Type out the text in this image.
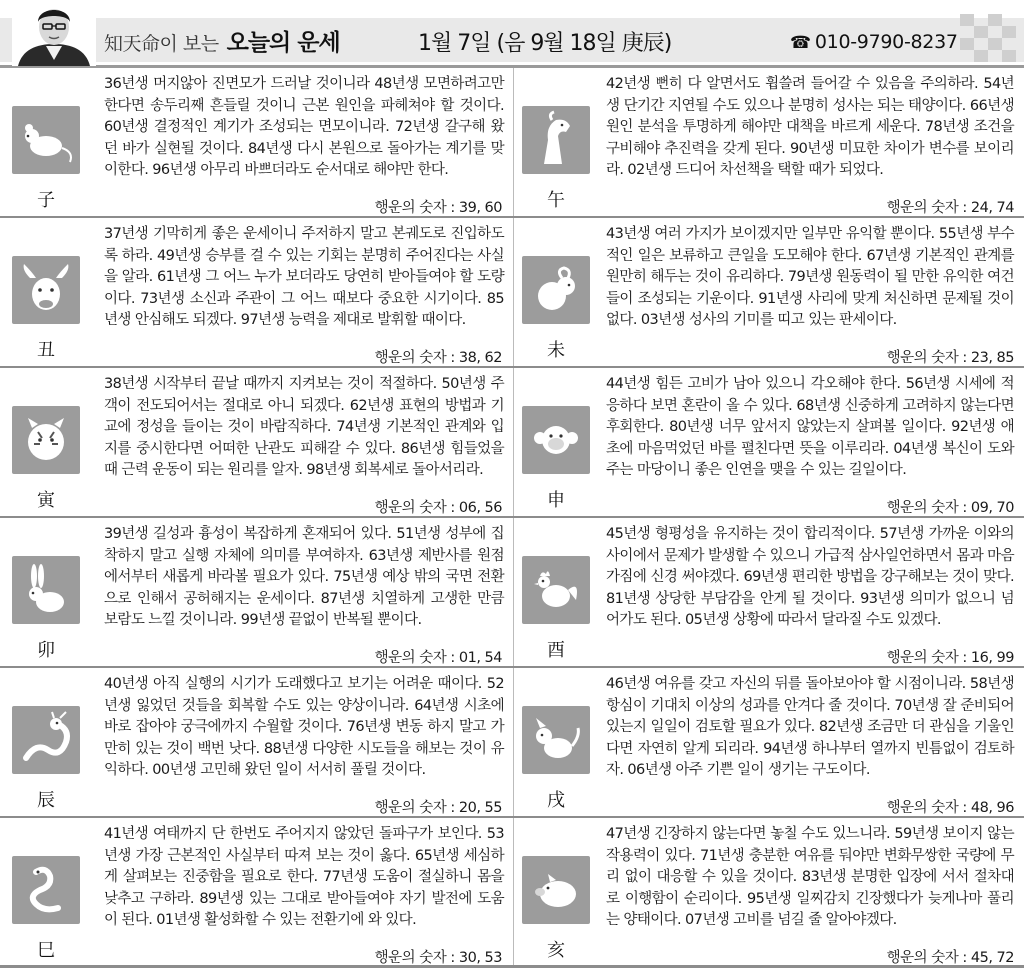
知天命이 보는 오늘의 운세	1월 7일 (음 9월 18일 庚辰)	☎ 010-9790-8237
子
36년생 머지않아 진면모가 드러날 것이니라 48년생 모면하려고만 한다면 송두리째 흔들릴 것이니 근본 원인을 파헤쳐야 할 것이다. 60년생 결정적인 계기가 조성되는 면모이니라. 72년생 갈구해 왔던 바가 실현될 것이다. 84년생 다시 본원으로 돌아가는 계기를 맞이한다. 96년생 아무리 바쁘더라도 순서대로 해야만 한다.
행운의 숫자 : 39, 60
丑
37년생 기막히게 좋은 운세이니 주저하지 말고 본궤도로 진입하도록 하라. 49년생 승부를 걸 수 있는 기회는 분명히 주어진다는 사실을 알라. 61년생 그 어느 누가 보더라도 당연히 받아들여야 할 도량이다. 73년생 소신과 주관이 그 어느 때보다 중요한 시기이다. 85년생 안심해도 되겠다. 97년생 능력을 제대로 발휘할 때이다.
행운의 숫자 : 38, 62
寅
38년생 시작부터 끝날 때까지 지켜보는 것이 적절하다. 50년생 주객이 전도되어서는 절대로 아니 되겠다. 62년생 표현의 방법과 기교에 정성을 들이는 것이 바람직하다. 74년생 기본적인 관계와 입지를 중시한다면 어떠한 난관도 피해갈 수 있다. 86년생 힘들었을 때 근력 운동이 되는 원리를 알자. 98년생 회복세로 돌아서리라.
행운의 숫자 : 06, 56
卯
39년생 길성과 흉성이 복잡하게 혼재되어 있다. 51년생 성부에 집착하지 말고 실행 자체에 의미를 부여하자. 63년생 제반사를 원점에서부터 새롭게 바라볼 필요가 있다. 75년생 예상 밖의 국면 전환으로 인해서 공허해지는 운세이다. 87년생 치열하게 고생한 만큼 보람도 느낄 것이니라. 99년생 끝없이 반복될 뿐이다.
행운의 숫자 : 01, 54
辰
40년생 아직 실행의 시기가 도래했다고 보기는 어려운 때이다. 52년생 잃었던 것들을 회복할 수도 있는 양상이니라. 64년생 시초에 바로 잡아야 궁극에까지 수월할 것이다. 76년생 변동 하지 말고 가만히 있는 것이 백번 낫다. 88년생 다양한 시도들을 해보는 것이 유익하다. 00년생 고민해 왔던 일이 서서히 풀릴 것이다.
행운의 숫자 : 20, 55
巳
41년생 여태까지 단 한번도 주어지지 않았던 돌파구가 보인다. 53년생 가장 근본적인 사실부터 따져 보는 것이 옳다. 65년생 세심하게 살펴보는 진중함을 필요로 한다. 77년생 도움이 절실하니 몸을 낮추고 구하라. 89년생 있는 그대로 받아들여야 자기 발전에 도움이 된다. 01년생 활성화할 수 있는 전환기에 와 있다.
행운의 숫자 : 30, 53
午
42년생 뻔히 다 알면서도 휩쓸려 들어갈 수 있음을 주의하라. 54년생 단기간 지연될 수도 있으나 분명히 성사는 되는 태양이다. 66년생 원인 분석을 투명하게 해야만 대책을 바르게 세운다. 78년생 조건을 구비해야 추진력을 갖게 된다. 90년생 미묘한 차이가 변수를 보이리라. 02년생 드디어 차선책을 택할 때가 되었다.
행운의 숫자 : 24, 74
未
43년생 여러 가지가 보이겠지만 일부만 유익할 뿐이다. 55년생 부수적인 일은 보류하고 큰일을 도모해야 한다. 67년생 기본적인 관계를 원만히 해두는 것이 유리하다. 79년생 원동력이 될 만한 유익한 여건들이 조성되는 기운이다. 91년생 사리에 맞게 처신하면 문제될 것이 없다. 03년생 성사의 기미를 띠고 있는 판세이다.
행운의 숫자 : 23, 85
申
44년생 힘든 고비가 남아 있으니 각오해야 한다. 56년생 시세에 적응하다 보면 혼란이 올 수 있다. 68년생 신중하게 고려하지 않는다면 후회한다. 80년생 너무 앞서지 않았는지 살펴볼 일이다. 92년생 애초에 마음먹었던 바를 펼친다면 뜻을 이루리라. 04년생 복신이 도와주는 마당이니 좋은 인연을 맺을 수 있는 길일이다.
행운의 숫자 : 09, 70
酉
45년생 형평성을 유지하는 것이 합리적이다. 57년생 가까운 이와의 사이에서 문제가 발생할 수 있으니 가급적 삼사일언하면서 몸과 마음가짐에 신경 써야겠다. 69년생 편리한 방법을 강구해보는 것이 맞다. 81년생 상당한 부담감을 안게 될 것이다. 93년생 의미가 없으니 넘어가도 된다. 05년생 상황에 따라서 달라질 수도 있겠다.
행운의 숫자 : 16, 99
戌
46년생 여유를 갖고 자신의 뒤를 돌아보아야 할 시점이니라. 58년생 항심이 기대치 이상의 성과를 안겨다 줄 것이다. 70년생 잘 준비되어 있는지 일일이 검토할 필요가 있다. 82년생 조금만 더 관심을 기울인다면 자연히 알게 되리라. 94년생 하나부터 열까지 빈틈없이 검토하자. 06년생 아주 기쁜 일이 생기는 구도이다.
행운의 숫자 : 48, 96
亥
47년생 긴장하지 않는다면 놓칠 수도 있느니라. 59년생 보이지 않는 작용력이 있다. 71년생 충분한 여유를 둬야만 변화무쌍한 국량에 무리 없이 대응할 수 있을 것이다. 83년생 분명한 입장에 서서 절차대로 이행함이 순리이다. 95년생 일찌감치 긴장했다가 늦게나마 풀리는 양태이다. 07년생 고비를 넘길 줄 알아야겠다.
행운의 숫자 : 45, 72
